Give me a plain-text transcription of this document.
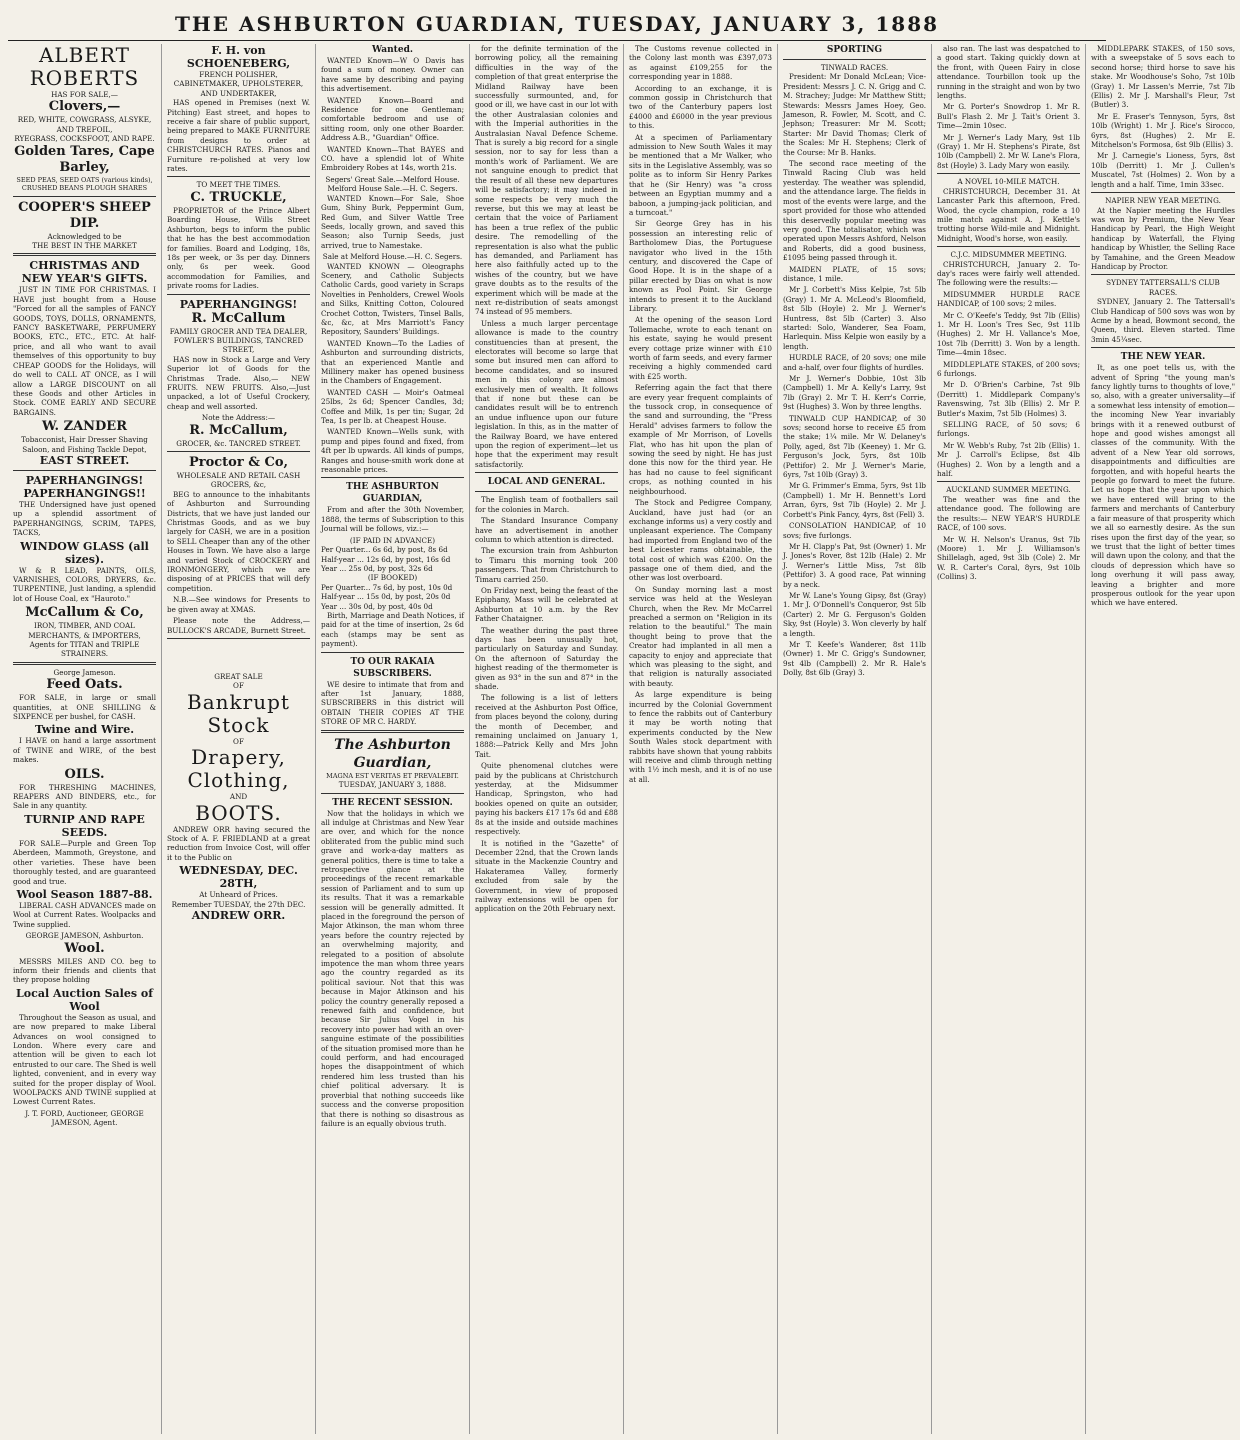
THE ASHBURTON GUARDIAN, TUESDAY, JANUARY 3, 1888
ALBERT ROBERTS
HAS FOR SALE,—
Clovers,—
RED, WHITE, COWGRASS, ALSYKE, AND TREFOIL,
RYEGRASS, COCKSFOOT, AND RAPE.
Golden Tares, Cape Barley,
SEED PEAS, SEED OATS (various kinds), CRUSHED BEANS PLOUGH SHARES
COOPER'S SHEEP DIP.
Acknowledged to be
THE BEST IN THE MARKET
CHRISTMAS AND NEW YEAR'S GIFTS.

JUST IN TIME FOR CHRISTMAS. I HAVE just bought from a House "Forced for all the samples of FANCY GOODS, TOYS, DOLLS, ORNAMENTS, FANCY BASKETWARE, PERFUMERY BOOKS, ETC., ETC., ETC. At half-price, and all who want to avail themselves of this opportunity to buy CHEAP GOODS for the Holidays, will do well to CALL AT ONCE, as I will allow a LARGE DISCOUNT on all these Goods and other Articles in Stock. COME EARLY AND SECURE BARGAINS.

W. ZANDER
Tobacconist, Hair Dresser Shaving Saloon, and Fishing Tackle Depot,
EAST STREET.
PAPERHANGINGS! PAPERHANGINGS!!

THE Undersigned have just opened up a splendid assortment of PAPERHANGINGS, SCRIM, TAPES, TACKS,

WINDOW GLASS (all sizes).

W & R LEAD, PAINTS, OILS, VARNISHES, COLORS, DRYERS, &c. TURPENTINE, Just landing, a splendid lot of House Coal, ex "Hauroto."

McCallum & Co,
IRON, TIMBER, AND COAL MERCHANTS, & IMPORTERS,
Agents for TITAN and TRIPLE STRAINERS.
George Jameson.
Feed Oats.

FOR SALE, in large or small quantities, at ONE SHILLING & SIXPENCE per bushel, for CASH.

Twine and Wire.

I HAVE on hand a large assortment of TWINE and WIRE, of the best makes.

OILS.

FOR THRESHING MACHINES, REAPERS AND BINDERS, etc., for Sale in any quantity.

TURNIP AND RAPE SEEDS.

FOR SALE—Purple and Green Top Aberdeen, Mammoth, Greystone, and other varieties. These have been thoroughly tested, and are guaranteed good and true.

Wool Season 1887-88.

LIBERAL CASH ADVANCES made on Wool at Current Rates. Woolpacks and Twine supplied.

GEORGE JAMESON, Ashburton.
Wool.

MESSRS MILES AND CO. beg to inform their friends and clients that they propose holding

Local Auction Sales of Wool

Throughout the Season as usual, and are now prepared to make Liberal Advances on wool consigned to London. Where every care and attention will be given to each lot entrusted to our care. The Shed is well lighted, convenient, and in every way suited for the proper display of Wool. WOOLPACKS AND TWINE supplied at Lowest Current Rates.

J. T. FORD, Auctioneer, GEORGE JAMESON, Agent.
F. H. von SCHOENEBERG,
FRENCH POLISHER, CABINETMAKER, UPHOLSTERER, AND UNDERTAKER,

HAS opened in Premises (next W. Pitching) East street, and hopes to receive a fair share of public support, being prepared to MAKE FURNITURE from designs to order at CHRISTCHURCH RATES. Pianos and Furniture re-polished at very low rates.

TO MEET THE TIMES.
C. TRUCKLE,

PROPRIETOR of the Prince Albert Boarding House, Wills Street Ashburton, begs to inform the public that he has the best accommodation for families. Board and Lodging, 18s, 18s per week, or 3s per day. Dinners only, 6s per week. Good accommodation for Families, and private rooms for Ladies.

PAPERHANGINGS!
R. McCallum
FAMILY GROCER AND TEA DEALER, FOWLER'S BUILDINGS, TANCRED STREET,

HAS now in Stock a Large and Very Superior lot of Goods for the Christmas Trade. Also,— NEW FRUITS. NEW FRUITS. Also,—Just unpacked, a lot of Useful Crockery, cheap and well assorted.

Note the Address:—
R. McCallum,
GROCER, &c. TANCRED STREET.
Proctor & Co,
WHOLESALE AND RETAIL CASH GROCERS, &c,

BEG to announce to the inhabitants of Ashburton and Surrounding Districts, that we have just landed our Christmas Goods, and as we buy largely for CASH, we are in a position to SELL Cheaper than any of the other Houses in Town. We have also a large and varied Stock of CROCKERY and IRONMONGERY, which we are disposing of at PRICES that will defy competition.

N.B.—See windows for Presents to be given away at XMAS.

Please note the Address,— BULLOCK'S ARCADE, Burnett Street.

GREAT SALE
OF
Bankrupt Stock
OF
Drapery, Clothing,
AND
BOOTS.

ANDREW ORR having secured the Stock of A. F. FRIEDLAND at a great reduction from Invoice Cost, will offer it to the Public on

WEDNESDAY, DEC. 28TH,
At Unheard of Prices.
Remember TUESDAY, the 27th DEC.
ANDREW ORR.
Wanted.

WANTED Known—W O Davis has found a sum of money. Owner can have same by describing and paying this advertisement.

WANTED Known—Board and Residence for one Gentleman; comfortable bedroom and use of sitting room, only one other Boarder. Address A.B., "Guardian" Office.

WANTED Known—That BAYES and CO. have a splendid lot of White Embroidery Robes at 14s, worth 21s.

Segers' Great Sale.—Melford House.
Melford House Sale.—H. C. Segers.

WANTED Known—For Sale, Shoe Gum, Shiny Burk, Peppermint Gum, Red Gum, and Silver Wattle Tree Seeds, locally grown, and saved this Season; also Turnip Seeds, just arrived, true to Namestake.

Sale at Melford House.—H. C. Segers.

WANTED KNOWN — Oleographs Scenery, and Catholic Subjects Catholic Cards, good variety in Scraps Novelties in Penholders, Crewel Wools and Silks, Knitting Cotton, Coloured Crochet Cotton, Twisters, Tinsel Balls, &c, &c, at Mrs Marriott's Fancy Repository, Saunders' Buildings.

WANTED Known—To the Ladies of Ashburton and surrounding districts, that an experienced Mantle and Millinery maker has opened business in the Chambers of Engagement.

WANTED CASH — Moir's Oatmeal 25lbs, 2s 6d; Spencer Candles, 3d; Coffee and Milk, 1s per tin; Sugar, 2d Tea, 1s per lb. at Cheapest House.

WANTED Known—Wells sunk, with pump and pipes found and fixed, from 4ft per lb upwards. All kinds of pumps, Ranges and house-smith work done at reasonable prices.

THE ASHBURTON GUARDIAN,

From and after the 30th November, 1888, the terms of Subscription to this Journal will be follows, viz.:—

(IF PAID IN ADVANCE)
Per Quarter... 6s 6d, by post, 8s 6d
Half-year ... 12s 6d, by post, 16s 6d
Year ... 25s 0d, by post, 32s 6d
(IF BOOKED)
Per Quarter... 7s 6d, by post, 10s 0d
Half-year ... 15s 0d, by post, 20s 0d
Year ... 30s 0d, by post, 40s 0d

Birth, Marriage and Death Notices, if paid for at the time of insertion, 2s 6d each (stamps may be sent as payment).

TO OUR RAKAIA SUBSCRIBERS.

WE desire to intimate that from and after 1st January, 1888, SUBSCRIBERS in this district will OBTAIN THEIR COPIES AT THE STORE OF MR C. HARDY.

The Ashburton Guardian,
MAGNA EST VERITAS ET PREVALEBIT.
TUESDAY, JANUARY 3, 1888.
THE RECENT SESSION.

Now that the holidays in which we all indulge at Christmas and New Year are over, and which for the nonce obliterated from the public mind such grave and work-a-day matters as general politics, there is time to take a retrospective glance at the proceedings of the recent remarkable session of Parliament and to sum up its results. That it was a remarkable session will be generally admitted. It placed in the foreground the person of Major Atkinson, the man whom three years before the country rejected by an overwhelming majority, and relegated to a position of absolute impotence the man whom three years ago the country regarded as its political saviour. Not that this was because in Major Atkinson and his policy the country generally reposed a renewed faith and confidence, but because Sir Julius Vogel in his recovery into power had with an over-sanguine estimate of the possibilities of the situation promised more than he could perform, and had encouraged hopes the disappointment of which rendered him less trusted than his chief political adversary. It is proverbial that nothing succeeds like success and the converse proposition that there is nothing so disastrous as failure is an equally obvious truth.

for the definite termination of the borrowing policy, all the remaining difficulties in the way of the completion of that great enterprise the Midland Railway have been successfully surmounted, and, for good or ill, we have cast in our lot with the other Australasian colonies and with the Imperial authorities in the Australasian Naval Defence Scheme. That is surely a big record for a single session, nor to say for less than a month's work of Parliament. We are not sanguine enough to predict that the result of all these new departures will be satisfactory; it may indeed in some respects be very much the reverse, but this we may at least be certain that the voice of Parliament has been a true reflex of the public desire. The remodelling of the representation is also what the public has demanded, and Parliament has here also faithfully acted up to the wishes of the country, but we have grave doubts as to the results of the experiment which will be made at the next re-distribution of seats amongst 74 instead of 95 members.

Unless a much larger percentage allowance is made to the country constituencies than at present, the electorates will become so large that some but insured men can afford to become candidates, and so insured men in this colony are almost exclusively men of wealth. It follows that if none but these can be candidates result will be to entrench an undue influence upon our future legislation. In this, as in the matter of the Railway Board, we have entered upon the region of experiment—let us hope that the experiment may result satisfactorily.

LOCAL AND GENERAL.

The English team of footballers sail for the colonies in March.

The Standard Insurance Company have an advertisement in another column to which attention is directed.

The excursion train from Ashburton to Timaru this morning took 200 passengers. That from Christchurch to Timaru carried 250.

On Friday next, being the feast of the Epiphany, Mass will be celebrated at Ashburton at 10 a.m. by the Rev Father Chataigner.

The weather during the past three days has been unusually hot, particularly on Saturday and Sunday. On the afternoon of Saturday the highest reading of the thermometer is given as 93° in the sun and 87° in the shade.

The following is a list of letters received at the Ashburton Post Office, from places beyond the colony, during the month of December, and remaining unclaimed on January 1, 1888:—Patrick Kelly and Mrs John Tait.

Quite phenomenal clutches were paid by the publicans at Christchurch yesterday, at the Midsummer Handicap, Springston, who had bookies opened on quite an outsider, paying his backers £17 17s 6d and £88 8s at the inside and outside machines respectively.

It is notified in the "Gazette" of December 22nd, that the Crown lands situate in the Mackenzie Country and Hakateramea Valley, formerly excluded from sale by the Government, in view of proposed railway extensions will be open for application on the 20th February next.

The Customs revenue collected in the Colony last month was £397,073 as against £109,255 for the corresponding year in 1888.

According to an exchange, it is common gossip in Christchurch that two of the Canterbury papers lost £4000 and £6000 in the year previous to this.

At a specimen of Parliamentary admission to New South Wales it may be mentioned that a Mr Walker, who sits in the Legislative Assembly, was so polite as to inform Sir Henry Parkes that he (Sir Henry) was "a cross between an Egyptian mummy and a baboon, a jumping-jack politician, and a turncoat."

Sir George Grey has in his possession an interesting relic of Bartholomew Dias, the Portuguese navigator who lived in the 15th century, and discovered the Cape of Good Hope. It is in the shape of a pillar erected by Dias on what is now known as Pool Point. Sir George intends to present it to the Auckland Library.

At the opening of the season Lord Tollemache, wrote to each tenant on his estate, saying he would present every cottage prize winner with £10 worth of farm seeds, and every farmer receiving a highly commended card with £25 worth.

Referring again the fact that there are every year frequent complaints of the tussock crop, in consequence of the sand and surrounding, the "Press Herald" advises farmers to follow the example of Mr Morrison, of Lovells Flat, who has hit upon the plan of sowing the seed by night. He has just done this now for the third year. He has had no cause to feel significant crops, as nothing counted in his neighbourhood.

The Stock and Pedigree Company, Auckland, have just had (or an exchange informs us) a very costly and unpleasant experience. The Company had imported from England two of the best Leicester rams obtainable, the total cost of which was £200. On the passage one of them died, and the other was lost overboard.

On Sunday morning last a most service was held at the Wesleyan Church, when the Rev. Mr McCarrel preached a sermon on "Religion in its relation to the beautiful." The main thought being to prove that the Creator had implanted in all men a capacity to enjoy and appreciate that which was pleasing to the sight, and that religion is naturally associated with beauty.

As large expenditure is being incurred by the Colonial Government to fence the rabbits out of Canterbury it may be worth noting that experiments conducted by the New South Wales stock department with rabbits have shown that young rabbits will receive and climb through netting with 1½ inch mesh, and it is of no use at all.

SPORTING
TINWALD RACES.

President: Mr Donald McLean; Vice-President: Messrs J. C. N. Grigg and C. M. Strachey; Judge: Mr Matthew Stitt; Stewards: Messrs James Hoey, Geo. Jameson, R. Fowler, M. Scott, and C. Jephson; Treasurer: Mr M. Scott; Starter: Mr David Thomas; Clerk of the Scales: Mr H. Stephens; Clerk of the Course: Mr B. Hanks.

The second race meeting of the Tinwald Racing Club was held yesterday. The weather was splendid, and the attendance large. The fields in most of the events were large, and the sport provided for those who attended this deservedly popular meeting was very good. The totalisator, which was operated upon Messrs Ashford, Nelson and Roberts, did a good business, £1095 being passed through it.

MAIDEN PLATE, of 15 sovs; distance, 1 mile.

Mr J. Corbett's Miss Kelpie, 7st 5lb (Gray) 1. Mr A. McLeod's Bloomfield, 8st 5lb (Hoyle) 2. Mr J. Werner's Huntress, 8st 5lb (Carter) 3. Also started: Solo, Wanderer, Sea Foam, Harlequin. Miss Kelpie won easily by a length.

HURDLE RACE, of 20 sovs; one mile and a-half, over four flights of hurdles.

Mr J. Werner's Dobbie, 10st 3lb (Campbell) 1. Mr A. Kelly's Larry, 9st 7lb (Gray) 2. Mr T. H. Kerr's Corrie, 9st (Hughes) 3. Won by three lengths.

TINWALD CUP HANDICAP, of 30 sovs; second horse to receive £5 from the stake; 1¼ mile. Mr W. Delaney's Polly, aged, 8st 7lb (Keeney) 1. Mr G. Ferguson's Jock, 5yrs, 8st 10lb (Pettifor) 2. Mr J. Werner's Marie, 6yrs, 7st 10lb (Gray) 3.

Mr G. Frimmer's Emma, 5yrs, 9st 1lb (Campbell) 1. Mr H. Bennett's Lord Arran, 6yrs, 9st 7lb (Hoyle) 2. Mr J. Corbett's Pink Fancy, 4yrs, 8st (Fell) 3.

CONSOLATION HANDICAP, of 10 sovs; five furlongs.

Mr H. Clapp's Pat, 9st (Owner) 1. Mr J. Jones's Rover, 8st 12lb (Hale) 2. Mr J. Werner's Little Miss, 7st 8lb (Pettifor) 3. A good race, Pat winning by a neck.

Mr W. Lane's Young Gipsy, 8st (Gray) 1. Mr J. O'Donnell's Conqueror, 9st 5lb (Carter) 2. Mr G. Ferguson's Golden Sky, 9st (Hoyle) 3. Won cleverly by half a length.

Mr T. Keefe's Wanderer, 8st 11lb (Owner) 1. Mr C. Grigg's Sundowner, 9st 4lb (Campbell) 2. Mr R. Hale's Dolly, 8st 6lb (Gray) 3.

also ran. The last was despatched to a good start. Taking quickly down at the front, with Queen Fairy in close attendance. Tourbillon took up the running in the straight and won by two lengths.

Mr G. Porter's Snowdrop 1. Mr R. Bull's Flash 2. Mr J. Tait's Orient 3. Time—2min 10sec.

Mr J. Werner's Lady Mary, 9st 1lb (Gray) 1. Mr H. Stephens's Pirate, 8st 10lb (Campbell) 2. Mr W. Lane's Flora, 8st (Hoyle) 3. Lady Mary won easily.

A NOVEL 10-MILE MATCH.

CHRISTCHURCH, December 31. At Lancaster Park this afternoon, Fred. Wood, the cycle champion, rode a 10 mile match against A. J. Kettle's trotting horse Wild-mile and Midnight. Midnight, Wood's horse, won easily.

C.J.C. MIDSUMMER MEETING.

CHRISTCHURCH, January 2. To-day's races were fairly well attended. The following were the results:—

MIDSUMMER HURDLE RACE HANDICAP, of 100 sovs; 2 miles.

Mr C. O'Keefe's Teddy, 9st 7lb (Ellis) 1. Mr H. Loon's Tres Sec, 9st 11lb (Hughes) 2. Mr H. Vallance's Moe, 10st 7lb (Derritt) 3. Won by a length. Time—4min 18sec.

MIDDLEPLATE STAKES, of 200 sovs; 6 furlongs.

Mr D. O'Brien's Carbine, 7st 9lb (Derritt) 1. Middlepark Company's Ravenswing, 7st 3lb (Ellis) 2. Mr P. Butler's Maxim, 7st 5lb (Holmes) 3.

SELLING RACE, of 50 sovs; 6 furlongs.

Mr W. Webb's Ruby, 7st 2lb (Ellis) 1. Mr J. Carroll's Eclipse, 8st 4lb (Hughes) 2. Won by a length and a half.

AUCKLAND SUMMER MEETING.

The weather was fine and the attendance good. The following are the results:— NEW YEAR'S HURDLE RACE, of 100 sovs.

Mr W. H. Nelson's Uranus, 9st 7lb (Moore) 1. Mr J. Williamson's Shillelagh, aged, 9st 3lb (Cole) 2. Mr W. R. Carter's Coral, 8yrs, 9st 10lb (Collins) 3.

MIDDLEPARK STAKES, of 150 sovs, with a sweepstake of 5 sovs each to second horse; third horse to save his stake. Mr Woodhouse's Soho, 7st 10lb (Gray) 1. Mr Lassen's Merrie, 7st 7lb (Ellis) 2. Mr J. Marshall's Fleur, 7st (Butler) 3.

Mr E. Fraser's Tennyson, 5yrs, 8st 10lb (Wright) 1. Mr J. Rice's Sirocco, 6yrs, 8st (Hughes) 2. Mr E. Mitchelson's Formosa, 6st 9lb (Ellis) 3.

Mr J. Carnegie's Lioness, 5yrs, 8st 10lb (Derritt) 1. Mr J. Cullen's Muscatel, 7st (Holmes) 2. Won by a length and a half. Time, 1min 33sec.

NAPIER NEW YEAR MEETING.

At the Napier meeting the Hurdles was won by Premium, the New Year Handicap by Pearl, the High Weight handicap by Waterfall, the Flying handicap by Whistler, the Selling Race by Tamahine, and the Green Meadow Handicap by Proctor.

SYDNEY TATTERSALL'S CLUB RACES.

SYDNEY, January 2. The Tattersall's Club Handicap of 500 sovs was won by Acme by a head, Bowmont second, the Queen, third. Eleven started. Time 3min 45¼sec.

THE NEW YEAR.

It, as one poet tells us, with the advent of Spring "the young man's fancy lightly turns to thoughts of love," so, also, with a greater universality—if a somewhat less intensity of emotion—the incoming New Year invariably brings with it a renewed outburst of hope and good wishes amongst all classes of the community. With the advent of a New Year old sorrows, disappointments and difficulties are forgotten, and with hopeful hearts the people go forward to meet the future. Let us hope that the year upon which we have entered will bring to the farmers and merchants of Canterbury a fair measure of that prosperity which we all so earnestly desire. As the sun rises upon the first day of the year, so we trust that the light of better times will dawn upon the colony, and that the clouds of depression which have so long overhung it will pass away, leaving a brighter and more prosperous outlook for the year upon which we have entered.
